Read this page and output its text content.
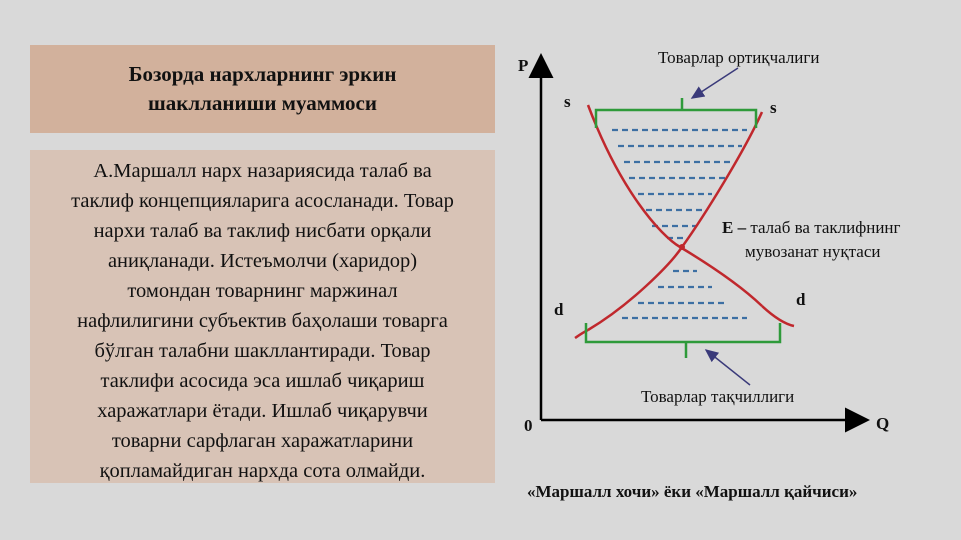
Бозорда нархларнинг эркин
шаклланиши муаммоси
А.Маршалл нарх назариясида талаб ва
таклиф концепцияларига асосланади. Товар
нархи талаб ва таклиф нисбати орқали
аниқланади. Истеъмолчи (харидор)
томондан товарнинг маржинал
нафлилигини субъектив баҳолаши товарга
бўлган талабни шакллантиради. Товар
таклифи асосида эса ишлаб чиқариш
харажатлари ётади. Ишлаб чиқарувчи
товарни сарфлаган харажатларини
қопламайдиган нархда сота олмайди.
P
Q
0
s	s
d
d
Товарлар ортиқчалиги
Товарлар тақчиллиги
E – талаб ва таклифнинг
мувозанат нуқтаси
«Маршалл хочи» ёки «Маршалл қайчиси»
